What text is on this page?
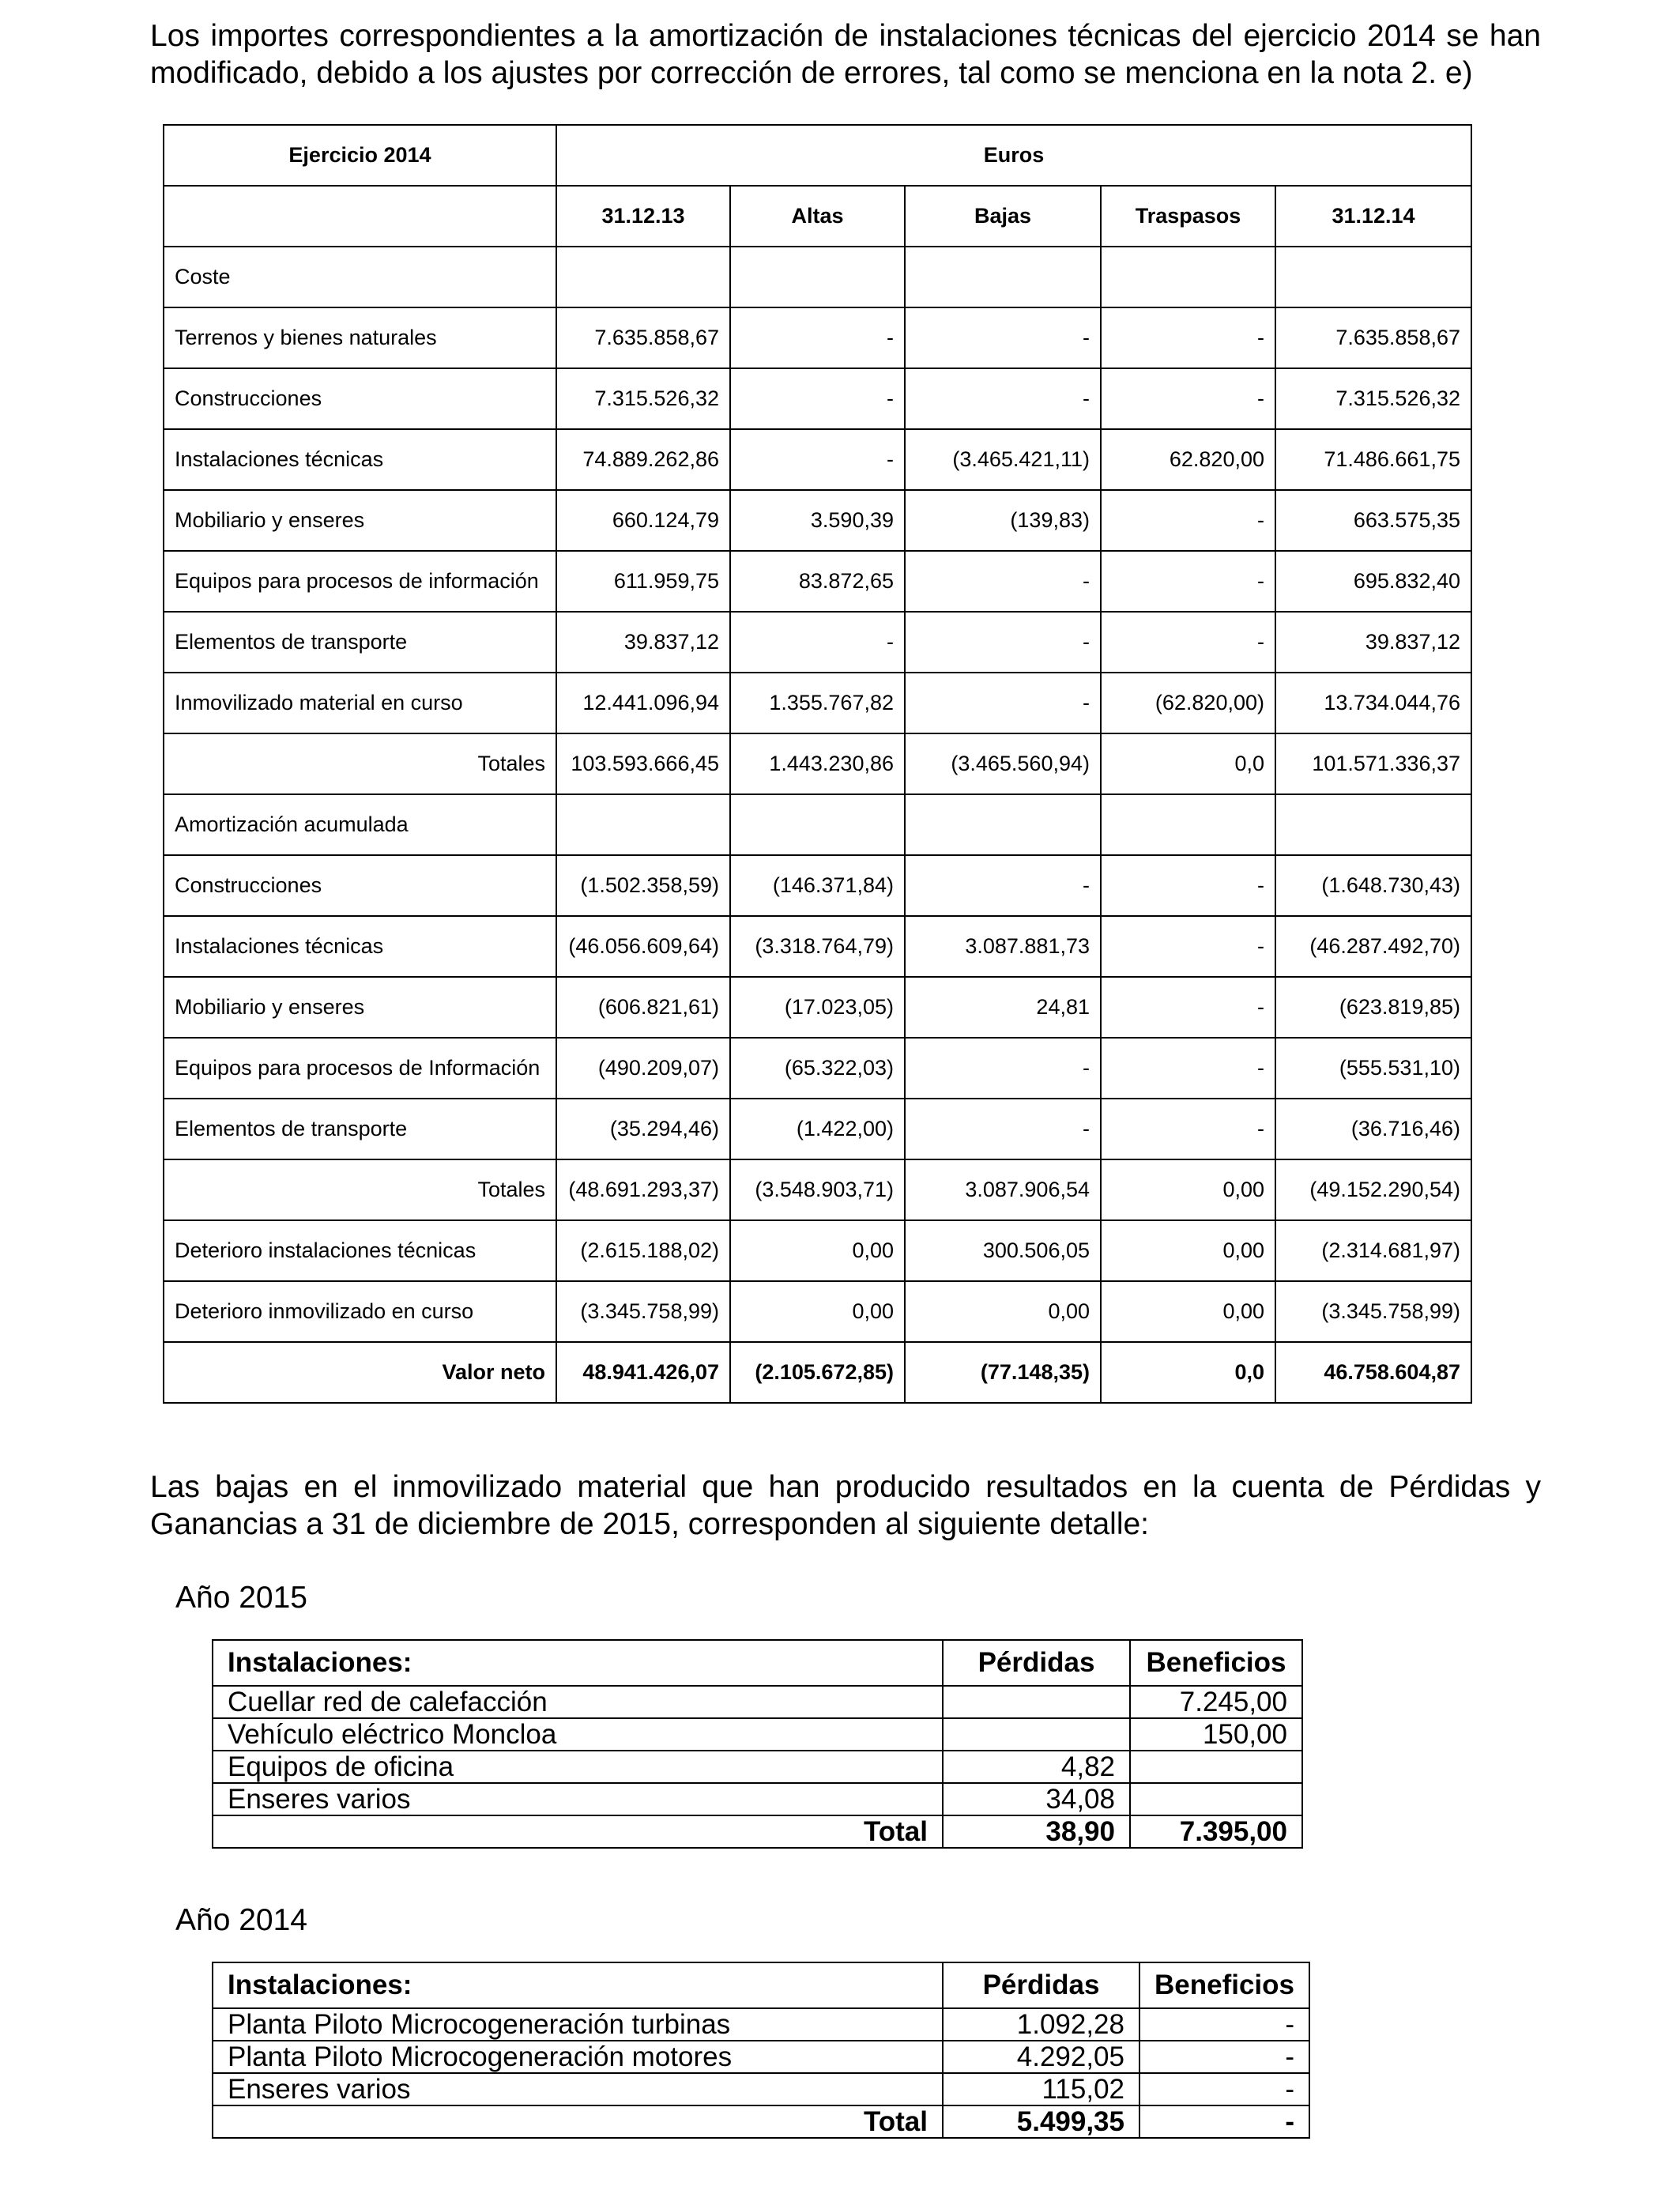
Los importes correspondientes a la amortización de instalaciones técnicas del ejercicio 2014 se han modificado, debido a los ajustes por corrección de errores, tal como se menciona en la nota 2. e)

Ejercicio 2014	Euros				
	31.12.13	Altas	Bajas	Traspasos	31.12.14
Coste					
Terrenos y bienes naturales	7.635.858,67	-	-	-	7.635.858,67
Construcciones	7.315.526,32	-	-	-	7.315.526,32
Instalaciones técnicas	74.889.262,86	-	(3.465.421,11)	62.820,00	71.486.661,75
Mobiliario y enseres	660.124,79	3.590,39	(139,83)	-	663.575,35
Equipos para procesos de información	611.959,75	83.872,65	-	-	695.832,40
Elementos de transporte	39.837,12	-	-	-	39.837,12
Inmovilizado material en curso	12.441.096,94	1.355.767,82	-	(62.820,00)	13.734.044,76
Totales	103.593.666,45	1.443.230,86	(3.465.560,94)	0,0	101.571.336,37
Amortización acumulada					
Construcciones	(1.502.358,59)	(146.371,84)	-	-	(1.648.730,43)
Instalaciones técnicas	(46.056.609,64)	(3.318.764,79)	3.087.881,73	-	(46.287.492,70)
Mobiliario y enseres	(606.821,61)	(17.023,05)	24,81	-	(623.819,85)
Equipos para procesos de Información	(490.209,07)	(65.322,03)	-	-	(555.531,10)
Elementos de transporte	(35.294,46)	(1.422,00)	-	-	(36.716,46)
Totales	(48.691.293,37)	(3.548.903,71)	3.087.906,54	0,00	(49.152.290,54)
Deterioro instalaciones técnicas	(2.615.188,02)	0,00	300.506,05	0,00	(2.314.681,97)
Deterioro inmovilizado en curso	(3.345.758,99)	0,00	0,00	0,00	(3.345.758,99)
Valor neto	48.941.426,07	(2.105.672,85)	(77.148,35)	0,0	46.758.604,87

Las bajas en el inmovilizado material que han producido resultados en la cuenta de Pérdidas y Ganancias a 31 de diciembre de 2015, corresponden al siguiente detalle:

Año 2015

Instalaciones:	Pérdidas	Beneficios
Cuellar red de calefacción		7.245,00
Vehículo eléctrico Moncloa		150,00
Equipos de oficina	4,82	
Enseres varios	34,08	
Total	38,90	7.395,00

Año 2014

Instalaciones:	Pérdidas	Beneficios
Planta Piloto Microcogeneración turbinas	1.092,28	-
Planta Piloto Microcogeneración motores	4.292,05	-
Enseres varios	115,02	-
Total	5.499,35	-
